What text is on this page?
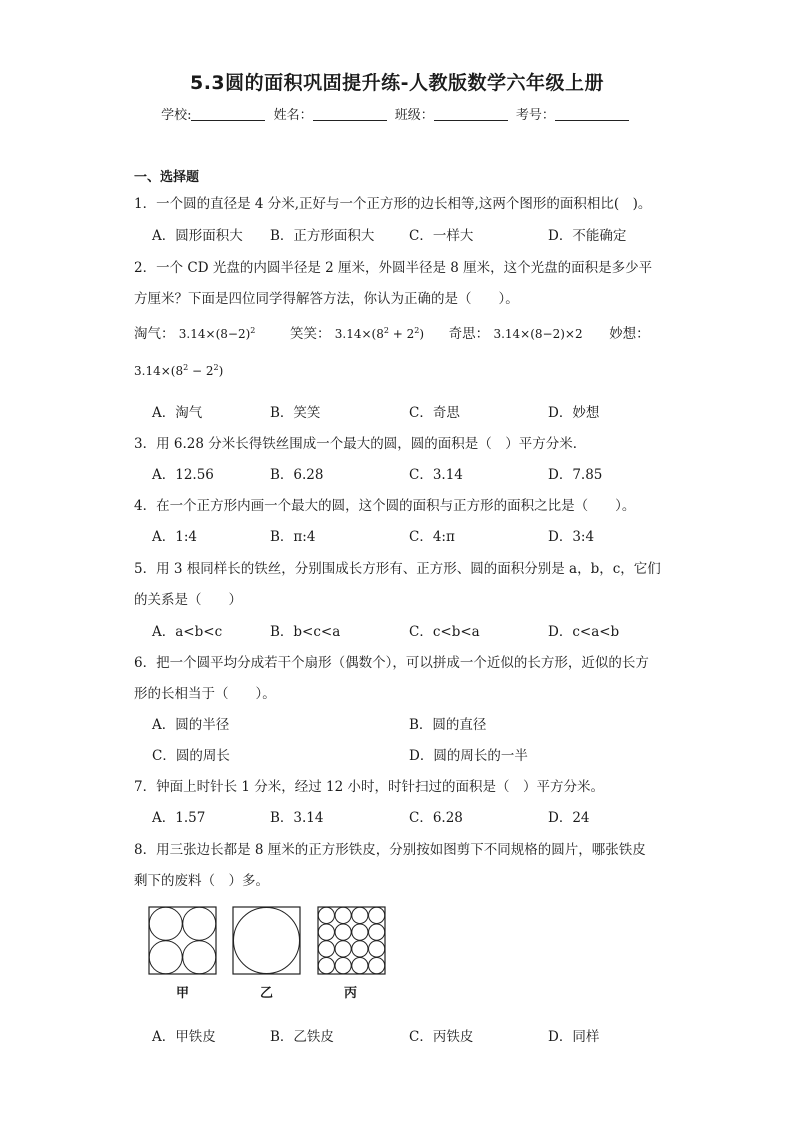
5.3圆的面积巩固提升练-人教版数学六年级上册
学校:	姓名：	班级：	考号：
一、选择题
1．一个圆的直径是 4 分米,正好与一个正方形的边长相等,这两个图形的面积相比(　)。
A．圆形面积大 B．正方形面积大	C．一样大	D．不能确定
2．一个 CD 光盘的内圆半径是 2 厘米，外圆半径是 8 厘米，这个光盘的面积是多少平
方厘米？下面是四位同学得解答方法，你认为正确的是（　　）。
淘气： $3.14\times(8-2)^2$	笑笑： $3.14\times(8^2 + 2^2)$ 奇思： 3.14×(8−2)×2 妙想：
$3.14\times(8^2 - 2^2)$
A．淘气	B．笑笑	C．奇思	D．妙想
3．用 6.28 分米长得铁丝围成一个最大的圆，圆的面积是（　）平方分米．
A．12.56	B．6.28	C．3.14	D．7.85
4．在一个正方形内画一个最大的圆，这个圆的面积与正方形的面积之比是（　　）。
A．1:4	B．π:4	C．4:π	D．3:4
5．用 3 根同样长的铁丝，分别围成长方形有、正方形、圆的面积分别是 a，b，c，它们
的关系是（　　）
A．a<b<c	B．b<c<a	C．c<b<a	D．c<a<b
6．把一个圆平均分成若干个扇形（偶数个），可以拼成一个近似的长方形，近似的长方
形的长相当于（　　）。
A．圆的半径	B．圆的直径
C．圆的周长	D．圆的周长的一半
7．钟面上时针长 1 分米，经过 12 小时，时针扫过的面积是（　）平方分米。
A．1.57	B．3.14	C．6.28	D．24
8．用三张边长都是 8 厘米的正方形铁皮，分别按如图剪下不同规格的圆片，哪张铁皮
剩下的废料（　）多。
甲	乙	丙
A．甲铁皮	B．乙铁皮	C．丙铁皮	D．同样
